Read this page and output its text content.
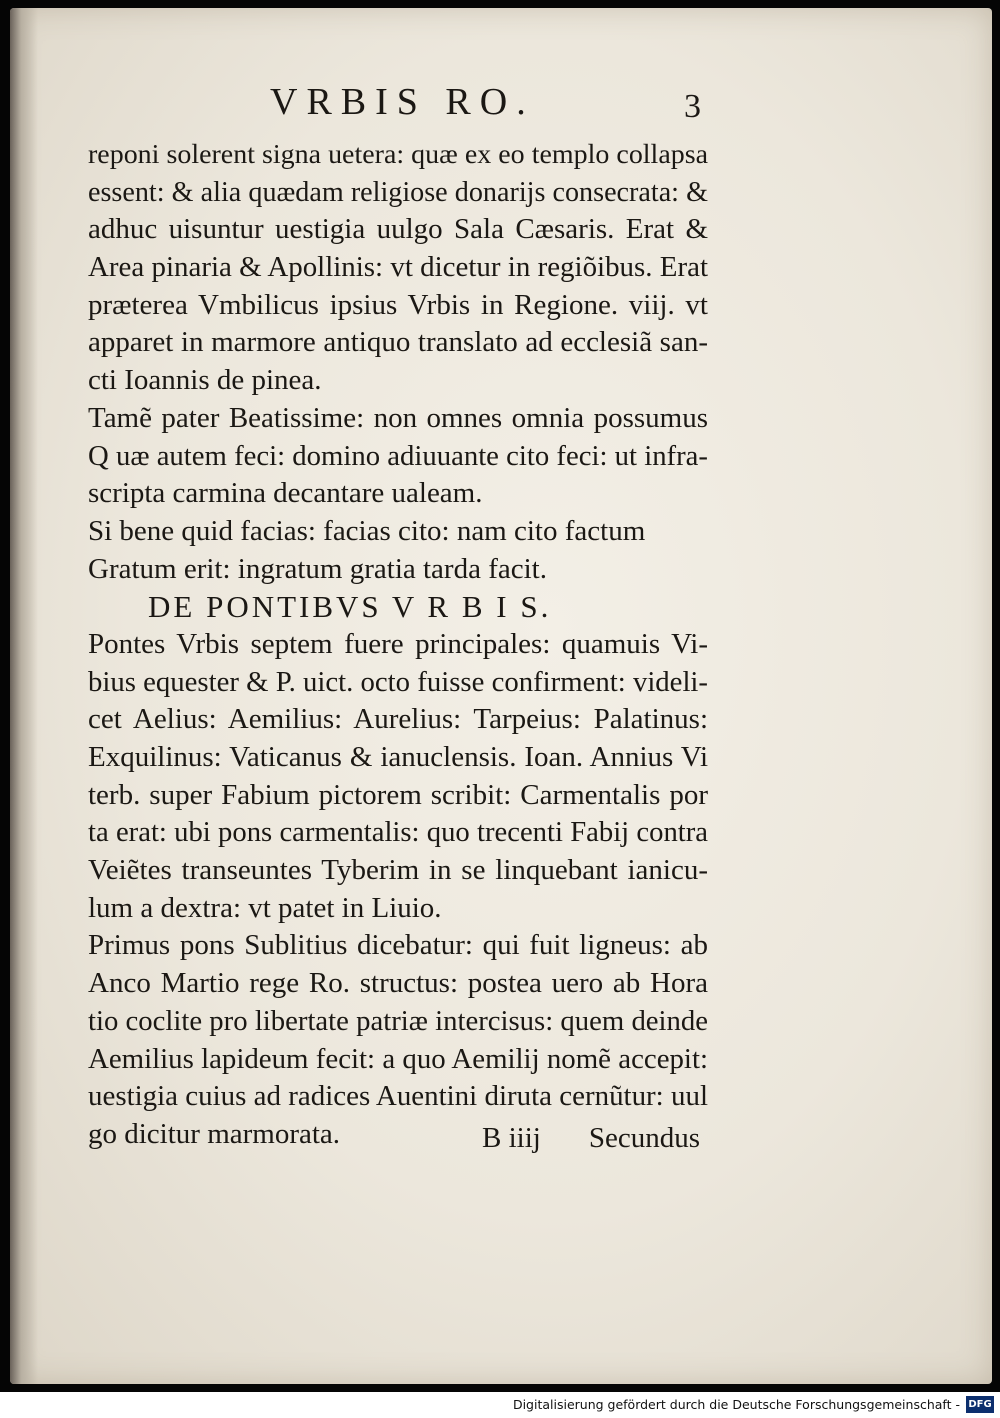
VRBIS RO.	3
reponi solerent signa uetera: quæ ex eo templo collapsa
essent: & alia quædam religiose donarijs consecrata: &
adhuc uisuntur uestigia uulgo Sala Cæsaris. Erat &
Area pinaria & Apollinis: vt dicetur in regiõibus. Erat
præterea Vmbilicus ipsius Vrbis in Regione. viij. vt
apparet in marmore antiquo translato ad ecclesiã san-
cti Ioannis de pinea.
Tamẽ pater Beatissime: non omnes omnia possumus
Q uæ autem feci: domino adiuuante cito feci: ut infra-
scripta carmina decantare ualeam.
Si bene quid facias: facias cito: nam cito factum
Gratum erit: ingratum gratia tarda facit.
DE PONTIBVS V R B I S.
Pontes Vrbis septem fuere principales: quamuis Vi-
bius equester & P. uict. octo fuisse confirment: videli-
cet Aelius: Aemilius: Aurelius: Tarpeius: Palatinus:
Exquilinus: Vaticanus & ianuclensis. Ioan. Annius Vi
terb. super Fabium pictorem scribit: Carmentalis por
ta erat: ubi pons carmentalis: quo trecenti Fabij contra
Veiẽtes transeuntes Tyberim in se linquebant ianicu-
lum a dextra: vt patet in Liuio.
Primus pons Sublitius dicebatur: qui fuit ligneus: ab
Anco Martio rege Ro. structus: postea uero ab Hora
tio coclite pro libertate patriæ intercisus: quem deinde
Aemilius lapideum fecit: a quo Aemilij nomẽ accepit:
uestigia cuius ad radices Auentini diruta cernũtur: uul
go dicitur marmorata.	B iiij Secundus
Digitalisierung gefördert durch die Deutsche Forschungsgemeinschaft - DFG
